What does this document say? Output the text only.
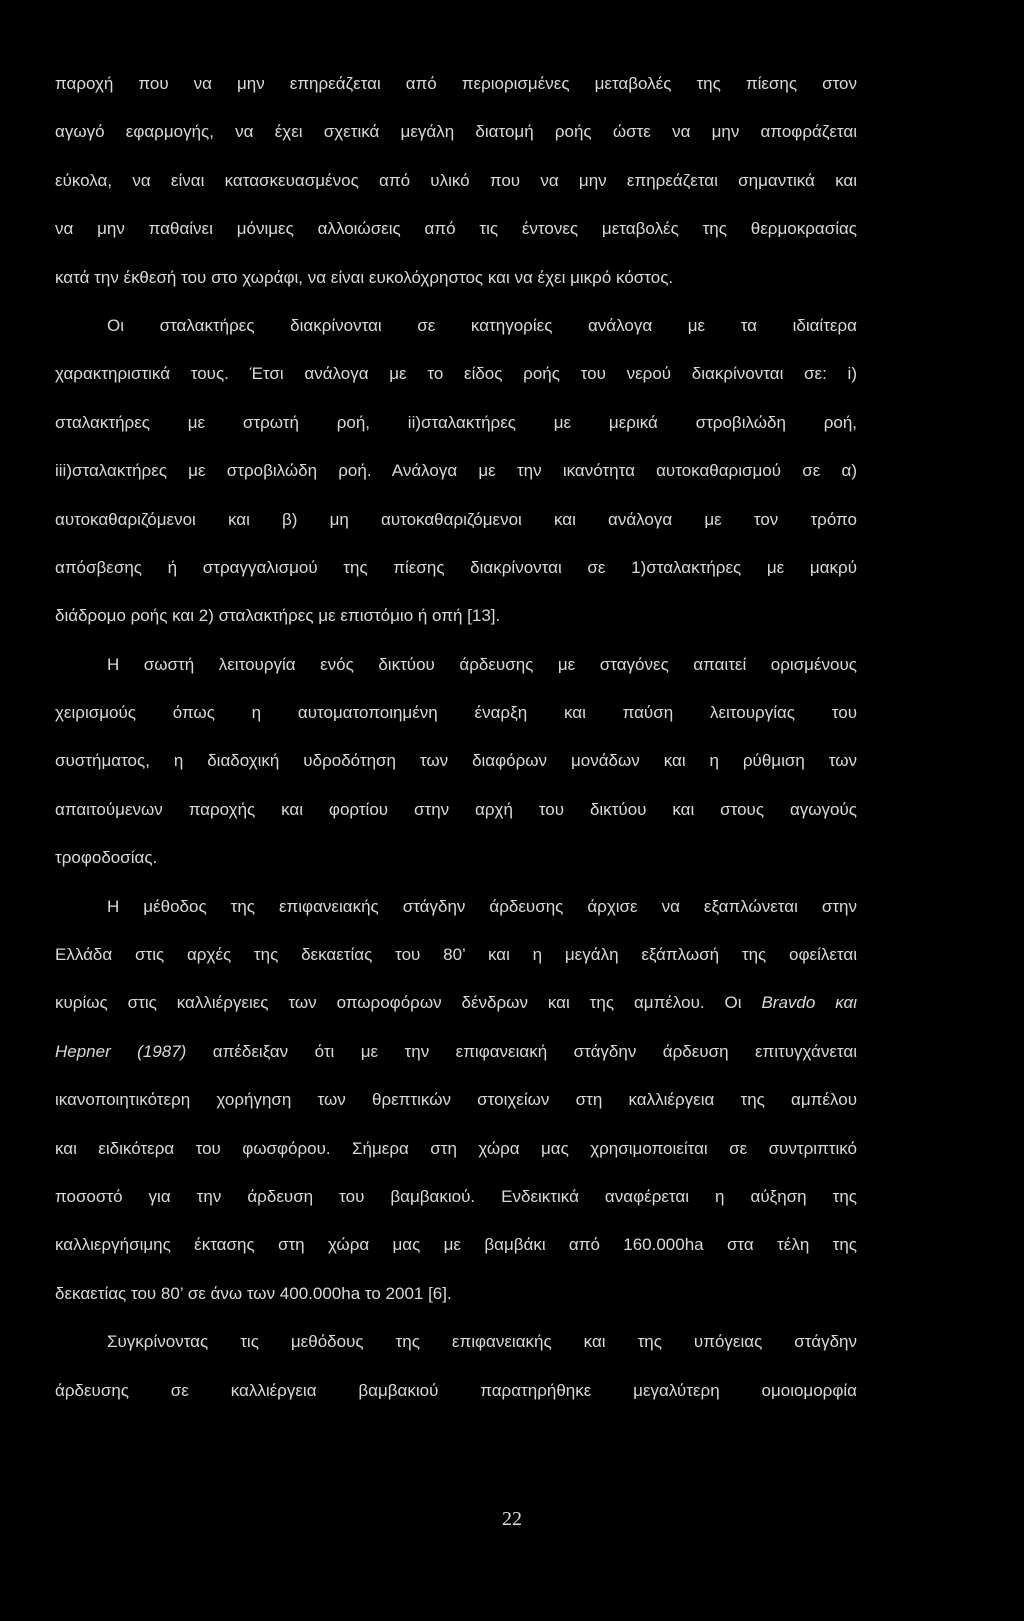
παροχή που να μην επηρεάζεται από περιορισμένες μεταβολές της πίεσης στον
αγωγό εφαρμογής, να έχει σχετικά μεγάλη διατομή ροής ώστε να μην αποφράζεται
εύκολα, να είναι κατασκευασμένος από υλικό που να μην επηρεάζεται σημαντικά και
να μην παθαίνει μόνιμες αλλοιώσεις από τις έντονες μεταβολές της θερμοκρασίας
κατά την έκθεσή του στο χωράφι, να είναι ευκολόχρηστος και να έχει μικρό κόστος.
Οι σταλακτήρες διακρίνονται σε κατηγορίες ανάλογα με τα ιδιαίτερα
χαρακτηριστικά τους. Έτσι ανάλογα με το είδος ροής του νερού διακρίνονται σε: i)
σταλακτήρες με στρωτή ροή, ii)σταλακτήρες με μερικά στροβιλώδη ροή,
iii)σταλακτήρες με στροβιλώδη ροή. Ανάλογα με την ικανότητα αυτοκαθαρισμού σε α)
αυτοκαθαριζόμενοι και β) μη αυτοκαθαριζόμενοι και ανάλογα με τον τρόπο
απόσβεσης ή στραγγαλισμού της πίεσης διακρίνονται σε 1)σταλακτήρες με μακρύ
διάδρομο ροής και 2) σταλακτήρες με επιστόμιο ή οπή [13].
Η σωστή λειτουργία ενός δικτύου άρδευσης με σταγόνες απαιτεί ορισμένους
χειρισμούς όπως η αυτοματοποιημένη έναρξη και παύση λειτουργίας του
συστήματος, η διαδοχική υδροδότηση των διαφόρων μονάδων και η ρύθμιση των
απαιτούμενων παροχής και φορτίου στην αρχή του δικτύου και στους αγωγούς
τροφοδοσίας.
Η μέθοδος της επιφανειακής στάγδην άρδευσης άρχισε να εξαπλώνεται στην
Ελλάδα στις αρχές της δεκαετίας του 80’ και η μεγάλη εξάπλωσή της οφείλεται
κυρίως στις καλλιέργειες των οπωροφόρων δένδρων και της αμπέλου. Οι Bravdo και
Hepner (1987) απέδειξαν ότι με την επιφανειακή στάγδην άρδευση επιτυγχάνεται
ικανοποιητικότερη χορήγηση των θρεπτικών στοιχείων στη καλλιέργεια της αμπέλου
και ειδικότερα του φωσφόρου. Σήμερα στη χώρα μας χρησιμοποιείται σε συντριπτικό
ποσοστό για την άρδευση του βαμβακιού. Ενδεικτικά αναφέρεται η αύξηση της
καλλιεργήσιμης έκτασης στη χώρα μας με βαμβάκι από 160.000ha στα τέλη της
δεκαετίας του 80’ σε άνω των 400.000ha το 2001 [6].
Συγκρίνοντας τις μεθόδους της επιφανειακής και της υπόγειας στάγδην
άρδευσης σε καλλιέργεια βαμβακιού παρατηρήθηκε μεγαλύτερη ομοιομορφία
22
